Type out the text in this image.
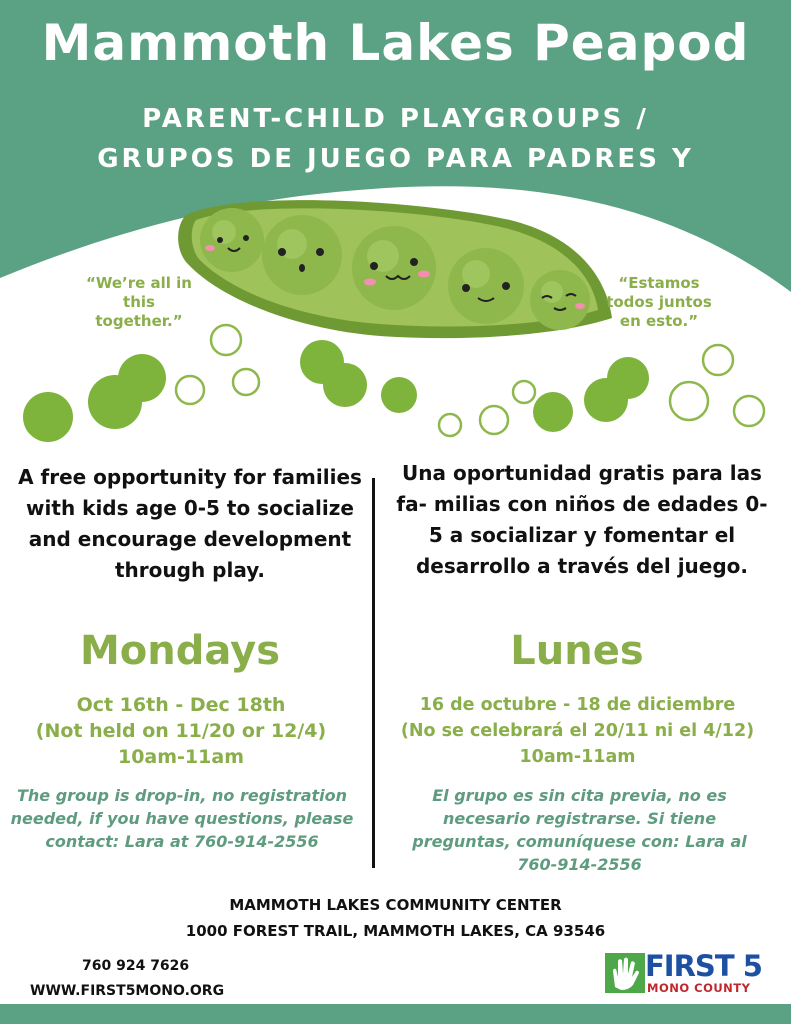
Mammoth Lakes Peapod
PARENT-CHILD PLAYGROUPS /
GRUPOS DE JUEGO PARA PADRES Y
“We’re all in this together.”
“Estamos todos juntos en esto.”
A free opportunity for families with kids age 0-5 to socialize and encourage development through play.
Una oportunidad gratis para las fa- milias con niños de edades 0-5 a socializar y fomentar el desarrollo a través del juego.
Mondays	Lunes
Oct 16th - Dec 18th
(Not held on 11/20 or 12/4)
10am-11am
16 de octubre - 18 de diciembre
(No se celebrará el 20/11 ni el 4/12)
10am-11am
The group is drop-in, no registration needed, if you have questions, please contact: Lara at 760-914-2556
El grupo es sin cita previa, no es necesario registrarse. Si tiene preguntas, comuníquese con: Lara al 760-914-2556
MAMMOTH LAKES COMMUNITY CENTER
1000 FOREST TRAIL, MAMMOTH LAKES, CA 93546
760 924 7626
WWW.FIRST5MONO.ORG
FIRST 5
MONO COUNTY
